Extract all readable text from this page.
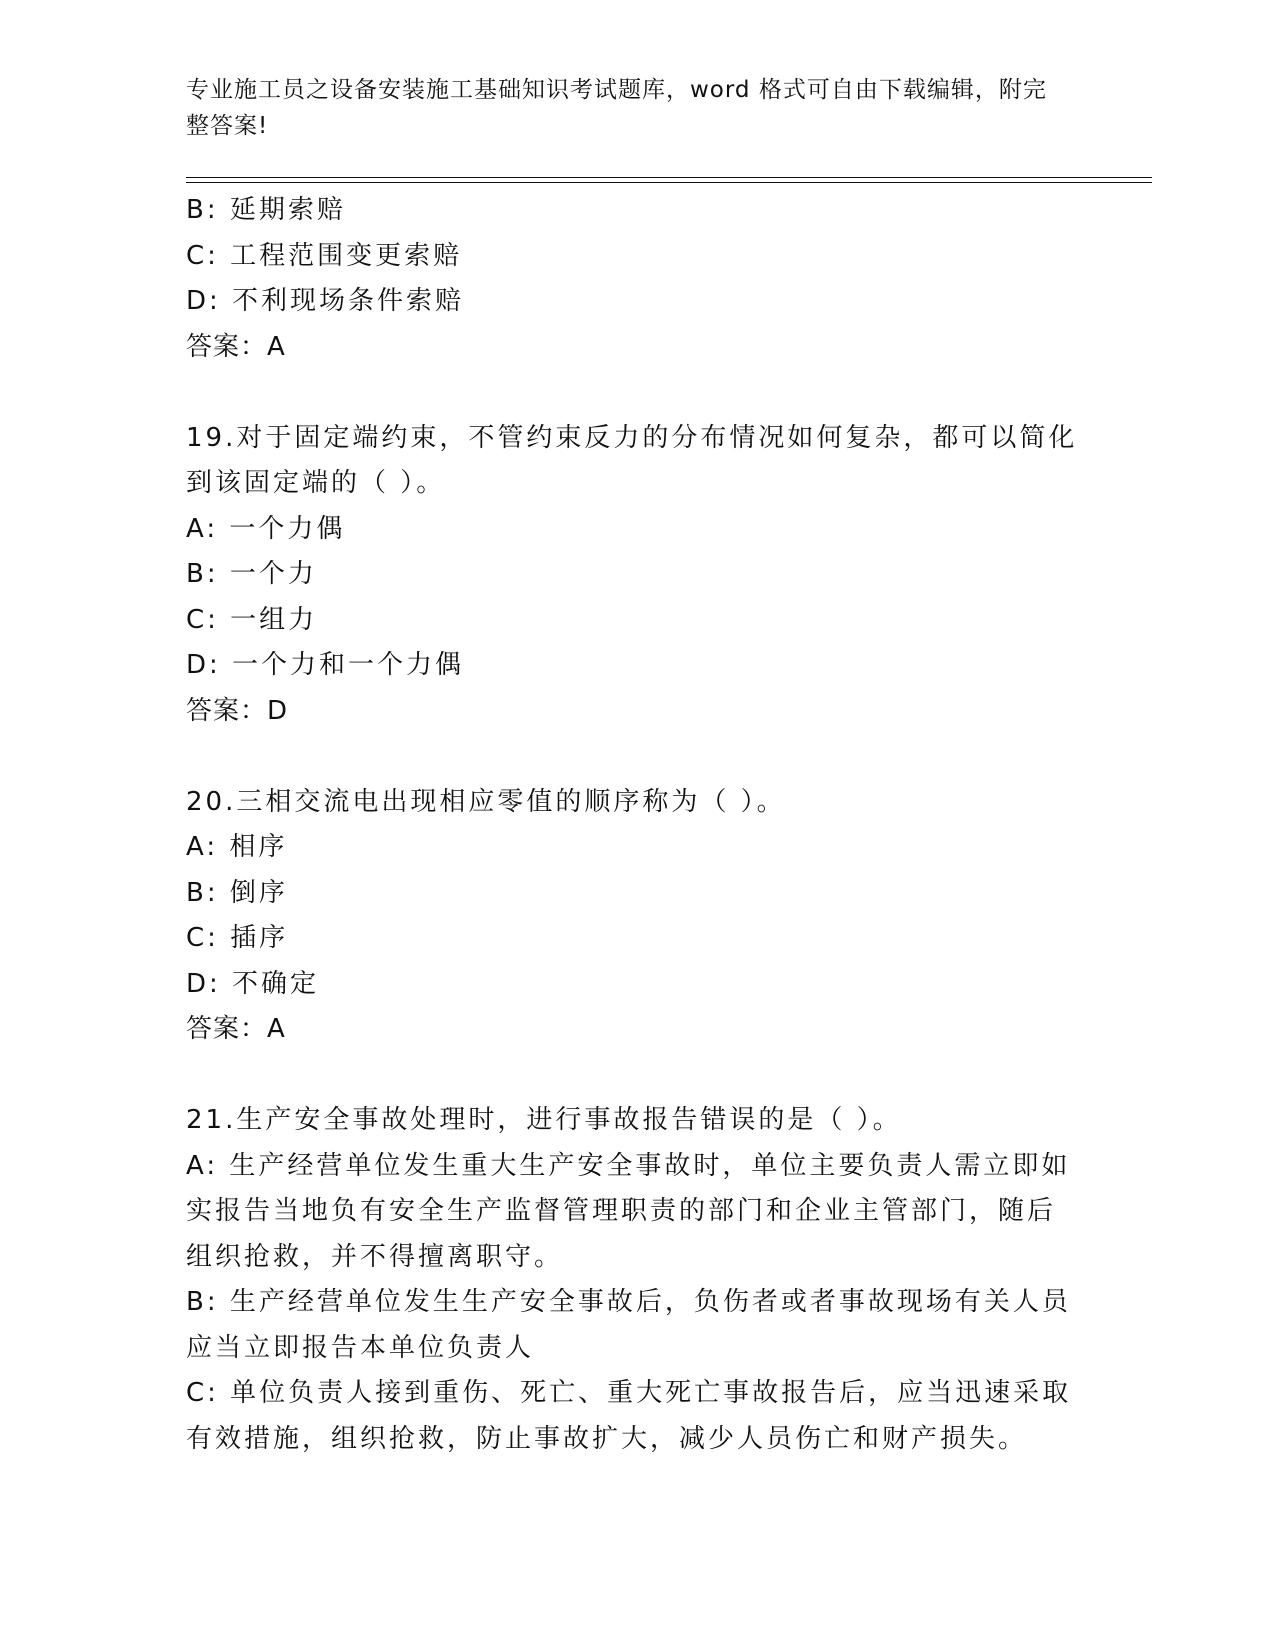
专业施工员之设备安装施工基础知识考试题库，word 格式可自由下载编辑，附完
整答案!
B: 延期索赔
C: 工程范围变更索赔
D: 不利现场条件索赔
答案：A
19.对于固定端约束，不管约束反力的分布情况如何复杂，都可以简化
到该固定端的（ ）。
A: 一个力偶
B: 一个力
C: 一组力
D: 一个力和一个力偶
答案：D
20.三相交流电出现相应零值的顺序称为（ ）。
A: 相序
B: 倒序
C: 插序
D: 不确定
答案：A
21.生产安全事故处理时，进行事故报告错误的是（ ）。
A: 生产经营单位发生重大生产安全事故时，单位主要负责人需立即如
实报告当地负有安全生产监督管理职责的部门和企业主管部门，随后
组织抢救，并不得擅离职守。
B: 生产经营单位发生生产安全事故后，负伤者或者事故现场有关人员
应当立即报告本单位负责人
C: 单位负责人接到重伤、死亡、重大死亡事故报告后，应当迅速采取
有效措施，组织抢救，防止事故扩大，减少人员伤亡和财产损失。
